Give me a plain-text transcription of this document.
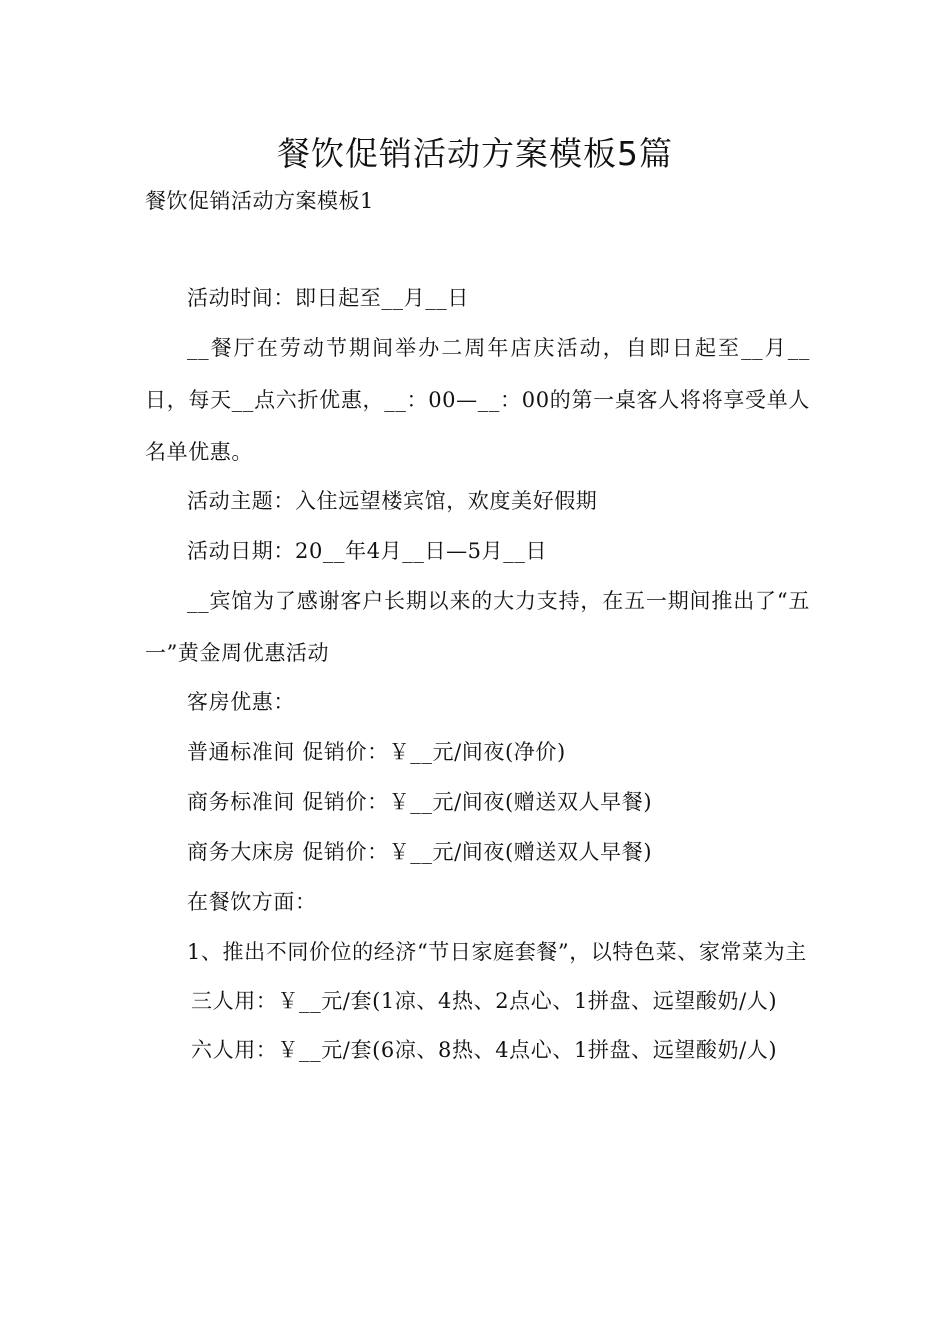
餐饮促销活动方案模板5篇
餐饮促销活动方案模板1

活动时间：即日起至__月__日

__餐厅在劳动节期间举办二周年店庆活动，自即日起至__月__日，每天__点六折优惠，__：00—__：00的第一桌客人将将享受单人名单优惠。

活动主题：入住远望楼宾馆，欢度美好假期

活动日期：20__年4月__日—5月__日

__宾馆为了感谢客户长期以来的大力支持，在五一期间推出了“五一”黄金周优惠活动

客房优惠：

普通标准间 促销价：￥__元/间夜(净价)

商务标准间 促销价：￥__元/间夜(赠送双人早餐)

商务大床房 促销价：￥__元/间夜(赠送双人早餐)

在餐饮方面：

1、推出不同价位的经济“节日家庭套餐”，以特色菜、家常菜为主

三人用：￥__元/套(1凉、4热、2点心、1拼盘、远望酸奶/人)

六人用：￥__元/套(6凉、8热、4点心、1拼盘、远望酸奶/人)
